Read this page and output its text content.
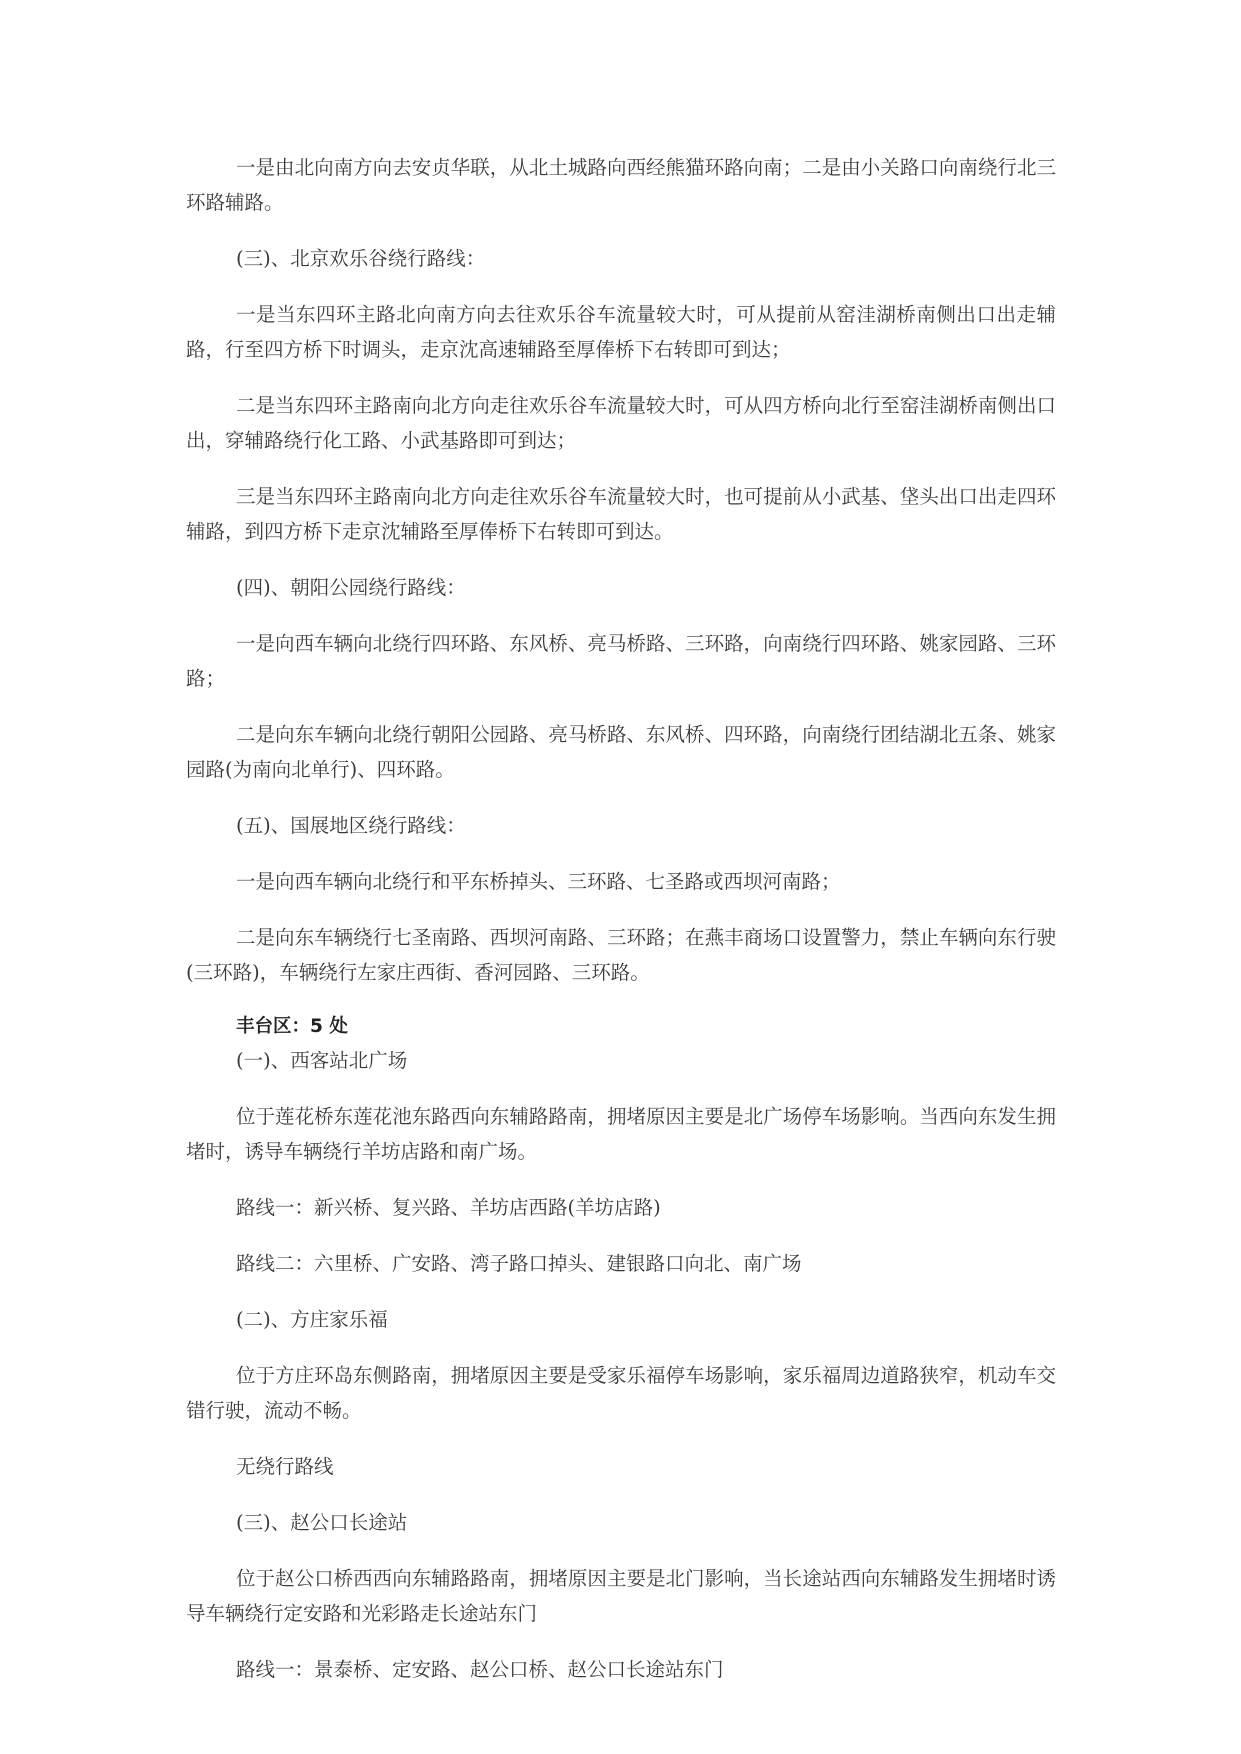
一是由北向南方向去安贞华联，从北土城路向西经熊猫环路向南；二是由小关路口向南绕行北三环路辅路。

(三)、北京欢乐谷绕行路线：

一是当东四环主路北向南方向去往欢乐谷车流量较大时，可从提前从窑洼湖桥南侧出口出走辅路，行至四方桥下时调头，走京沈高速辅路至厚俸桥下右转即可到达；

二是当东四环主路南向北方向走往欢乐谷车流量较大时，可从四方桥向北行至窑洼湖桥南侧出口出，穿辅路绕行化工路、小武基路即可到达；

三是当东四环主路南向北方向走往欢乐谷车流量较大时，也可提前从小武基、垡头出口出走四环辅路，到四方桥下走京沈辅路至厚俸桥下右转即可到达。

(四)、朝阳公园绕行路线：

一是向西车辆向北绕行四环路、东风桥、亮马桥路、三环路，向南绕行四环路、姚家园路、三环路；

二是向东车辆向北绕行朝阳公园路、亮马桥路、东风桥、四环路，向南绕行团结湖北五条、姚家园路(为南向北单行)、四环路。

(五)、国展地区绕行路线：

一是向西车辆向北绕行和平东桥掉头、三环路、七圣路或西坝河南路；

二是向东车辆绕行七圣南路、西坝河南路、三环路；在燕丰商场口设置警力，禁止车辆向东行驶(三环路)，车辆绕行左家庄西街、香河园路、三环路。

丰台区：5 处

(一)、西客站北广场

位于莲花桥东莲花池东路西向东辅路路南，拥堵原因主要是北广场停车场影响。当西向东发生拥堵时，诱导车辆绕行羊坊店路和南广场。

路线一：新兴桥、复兴路、羊坊店西路(羊坊店路)

路线二：六里桥、广安路、湾子路口掉头、建银路口向北、南广场

(二)、方庄家乐福

位于方庄环岛东侧路南，拥堵原因主要是受家乐福停车场影响，家乐福周边道路狭窄，机动车交错行驶，流动不畅。

无绕行路线

(三)、赵公口长途站

位于赵公口桥西西向东辅路路南，拥堵原因主要是北门影响，当长途站西向东辅路发生拥堵时诱导车辆绕行定安路和光彩路走长途站东门

路线一：景泰桥、定安路、赵公口桥、赵公口长途站东门
